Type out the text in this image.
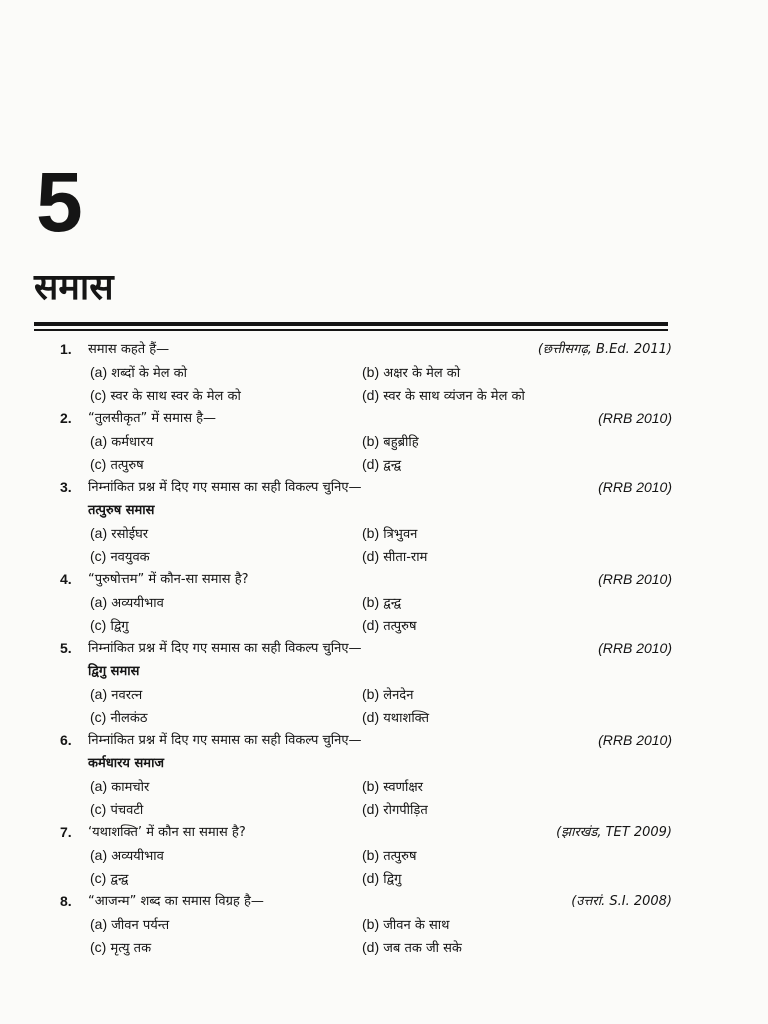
5
समास
1.	समास कहते हैं—	(छत्तीसगढ़, B.Ed. 2011)
(a) शब्दों के मेल को	(b) अक्षर के मेल को
(c) स्वर के साथ स्वर के मेल को	(d) स्वर के साथ व्यंजन के मेल को
2.	“तुलसीकृत” में समास है—	(RRB 2010)
(a) कर्मधारय	(b) बहुब्रीहि
(c) तत्पुरुष	(d) द्वन्द्व
3.	निम्नांकित प्रश्न में दिए गए समास का सही विकल्प चुनिए—	(RRB 2010)
तत्पुरुष समास
(a) रसोईघर	(b) त्रिभुवन
(c) नवयुवक	(d) सीता-राम
4.	“पुरुषोत्तम” में कौन-सा समास है?	(RRB 2010)
(a) अव्ययीभाव	(b) द्वन्द्व
(c) द्विगु	(d) तत्पुरुष
5.	निम्नांकित प्रश्न में दिए गए समास का सही विकल्प चुनिए—	(RRB 2010)
द्विगु समास
(a) नवरत्न	(b) लेनदेन
(c) नीलकंठ	(d) यथाशक्ति
6.	निम्नांकित प्रश्न में दिए गए समास का सही विकल्प चुनिए—	(RRB 2010)
कर्मधारय समाज
(a) कामचोर	(b) स्वर्णाक्षर
(c) पंचवटी	(d) रोगपीड़ित
7.	‘यथाशक्ति’ में कौन सा समास है?	(झारखंड, TET 2009)
(a) अव्ययीभाव	(b) तत्पुरुष
(c) द्वन्द्व	(d) द्विगु
8.	“आजन्म” शब्द का समास विग्रह है—	(उत्तरां. S.I. 2008)
(a) जीवन पर्यन्त	(b) जीवन के साथ
(c) मृत्यु तक	(d) जब तक जी सके
